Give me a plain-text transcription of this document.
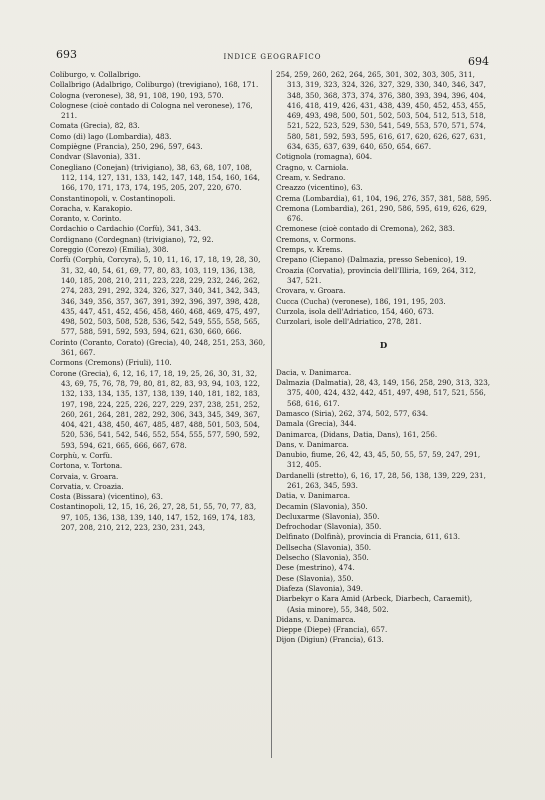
693	INDICE GEOGRAFICO	694
Coliburgo, v. Collalbrigo.
Collalbrigo (Adalbrigo, Coliburgo) (trevigiano), 168, 171.
Cologna (veronese), 38, 91, 108, 190, 193, 570.
Colognese (cioè contado di Cologna nel veronese), 176, 211.
Comata (Grecia), 82, 83.
Como (di) lago (Lombardia), 483.
Compiègne (Francia), 250, 296, 597, 643.
Condvar (Slavonia), 331.
Conegliano (Conejan) (trivigiano), 38, 63, 68, 107, 108, 112, 114, 127, 131, 133, 142, 147, 148, 154, 160, 164, 166, 170, 171, 173, 174, 195, 205, 207, 220, 670.
Constantinopoli, v. Costantinopoli.
Coracha, v. Karakopio.
Coranto, v. Corinto.
Cordachio o Cardachio (Corfù), 341, 343.
Cordignano (Cordegnan) (trivigiano), 72, 92.
Coreggio (Corezo) (Emilia), 308.
Corfù (Corphù, Corcyra), 5, 10, 11, 16, 17, 18, 19, 28, 30, 31, 32, 40, 54, 61, 69, 77, 80, 83, 103, 119, 136, 138, 140, 185, 208, 210, 211, 223, 228, 229, 232, 246, 262, 274, 283, 291, 292, 324, 326, 327, 340, 341, 342, 343, 346, 349, 356, 357, 367, 391, 392, 396, 397, 398, 428, 435, 447, 451, 452, 456, 458, 460, 468, 469, 475, 497, 498, 502, 503, 508, 528, 536, 542, 549, 555, 558, 565, 577, 588, 591, 592, 593, 594, 621, 630, 660, 666.
Corinto (Coranto, Corato) (Grecia), 40, 248, 251, 253, 360, 361, 667.
Cormons (Cremons) (Friuli), 110.
Corone (Grecia), 6, 12, 16, 17, 18, 19, 25, 26, 30, 31, 32, 43, 69, 75, 76, 78, 79, 80, 81, 82, 83, 93, 94, 103, 122, 132, 133, 134, 135, 137, 138, 139, 140, 181, 182, 183, 197, 198, 224, 225, 226, 227, 229, 237, 238, 251, 252, 260, 261, 264, 281, 282, 292, 306, 343, 345, 349, 367, 404, 421, 438, 450, 467, 485, 487, 488, 501, 503, 504, 520, 536, 541, 542, 546, 552, 554, 555, 577, 590, 592, 593, 594, 621, 665, 666, 667, 678.
Corphù, v. Corfù.
Cortona, v. Tortona.
Corvaia, v. Groara.
Corvatia, v. Croazia.
Costa (Bissara) (vicentino), 63.
Costantinopoli, 12, 15, 16, 26, 27, 28, 51, 55, 70, 77, 83, 97, 105, 136, 138, 139, 140, 147, 152, 169, 174, 183, 207, 208, 210, 212, 223, 230, 231, 243,
254, 259, 260, 262, 264, 265, 301, 302, 303, 305, 311, 313, 319, 323, 324, 326, 327, 329, 330, 340, 346, 347, 348, 350, 368, 373, 374, 376, 380, 393, 394, 396, 404, 416, 418, 419, 426, 431, 438, 439, 450, 452, 453, 455, 469, 493, 498, 500, 501, 502, 503, 504, 512, 513, 518, 521, 522, 523, 529, 530, 541, 549, 553, 570, 571, 574, 580, 581, 592, 593, 595, 616, 617, 620, 626, 627, 631, 634, 635, 637, 639, 640, 650, 654, 667.
Cotignola (romagna), 604.
Cragno, v. Carniola.
Cream, v. Sedrano.
Creazzo (vicentino), 63.
Crema (Lombardia), 61, 104, 196, 276, 357, 381, 588, 595.
Cremona (Lombardia), 261, 290, 586, 595, 619, 626, 629, 676.
Cremonese (cioè contado di Cremona), 262, 383.
Cremons, v. Cormons.
Cremps, v. Krems.
Crepano (Ciepano) (Dalmazia, presso Sebenico), 19.
Croazia (Corvatia), provincia dell'Illiria, 169, 264, 312, 347, 521.
Crovara, v. Groara.
Cucca (Cucha) (veronese), 186, 191, 195, 203.
Curzola, isola dell'Adriatico, 154, 460, 673.
Curzolari, isole dell'Adriatico, 278, 281.
D
Dacia, v. Danimarca.
Dalmazia (Dalmatia), 28, 43, 149, 156, 258, 290, 313, 323, 375, 400, 424, 432, 442, 451, 497, 498, 517, 521, 556, 568, 616, 617.
Damasco (Siria), 262, 374, 502, 577, 634.
Damala (Grecia), 344.
Danimarca, (Didans, Datia, Dans), 161, 256.
Dans, v. Danimarca.
Danubio, fiume, 26, 42, 43, 45, 50, 55, 57, 59, 247, 291, 312, 405.
Dardanelli (stretto), 6, 16, 17, 28, 56, 138, 139, 229, 231, 261, 263, 345, 593.
Datia, v. Danimarca.
Decamin (Slavonia), 350.
Decluxarme (Slavonia), 350.
Defrochodar (Slavonia), 350.
Delfinato (Dolfinà), provincia di Francia, 611, 613.
Dellsecha (Slavonia), 350.
Delsecho (Slavonia), 350.
Dese (mestrino), 474.
Dese (Slavonia), 350.
Diafeza (Slavonia), 349.
Diarbekyr o Kara Amid (Arbeck, Diarbech, Caraemit), (Asia minore), 55, 348, 502.
Didans, v. Danimarca.
Dieppe (Diepe) (Francia), 657.
Dijon (Digiun) (Francia), 613.
